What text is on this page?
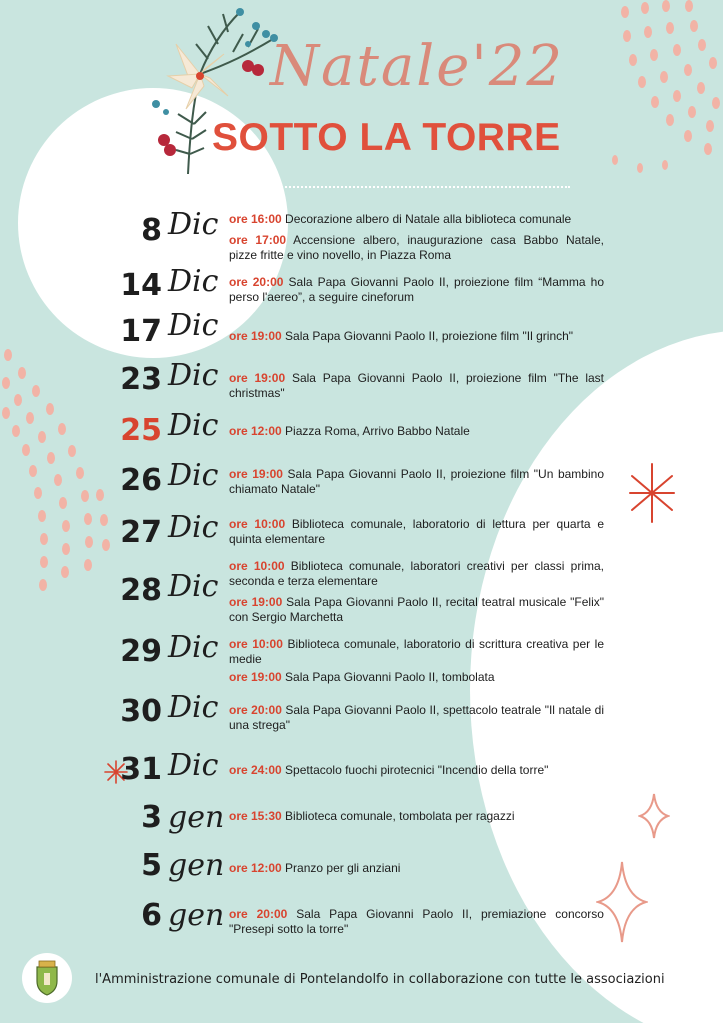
Natale'22
SOTTO LA TORRE
8 Dic ore 16:00 Decorazione albero di Natale alla biblioteca comunale
ore 17:00 Accensione albero, inaugurazione casa Babbo Natale, pizze fritte e vino novello, in Piazza Roma
14 Dic ore 20:00 Sala Papa Giovanni Paolo II, proiezione film “Mamma ho perso l'aereo”, a seguire cineforum
17 Dic ore 19:00 Sala Papa Giovanni Paolo II, proiezione film "Il grinch"
23 Dic ore 19:00 Sala Papa Giovanni Paolo II, proiezione film "The last christmas"
25 Dic ore 12:00 Piazza Roma, Arrivo Babbo Natale
26 Dic ore 19:00 Sala Papa Giovanni Paolo II, proiezione film "Un bambino chiamato Natale"
27 Dic ore 10:00 Biblioteca comunale, laboratorio di lettura per quarta e quinta elementare
28 Dic
ore 10:00 Biblioteca comunale, laboratori creativi per classi prima, seconda e terza elementare
ore 19:00 Sala Papa Giovanni Paolo II, recital teatral musicale "Felix" con Sergio Marchetta
29 Dic ore 10:00 Biblioteca comunale, laboratorio di scrittura creativa per le medie
ore 19:00 Sala Papa Giovanni Paolo II, tombolata
30 Dic ore 20:00 Sala Papa Giovanni Paolo II, spettacolo teatrale "Il natale di una strega"
31 Dic ore 24:00 Spettacolo fuochi pirotecnici "Incendio della torre"
3 gen ore 15:30 Biblioteca comunale, tombolata per ragazzi
5 gen ore 12:00 Pranzo per gli anziani
6 gen ore 20:00 Sala Papa Giovanni Paolo II, premiazione concorso "Presepi sotto la torre"
l'Amministrazione comunale di Pontelandolfo in collaborazione con tutte le associazioni
